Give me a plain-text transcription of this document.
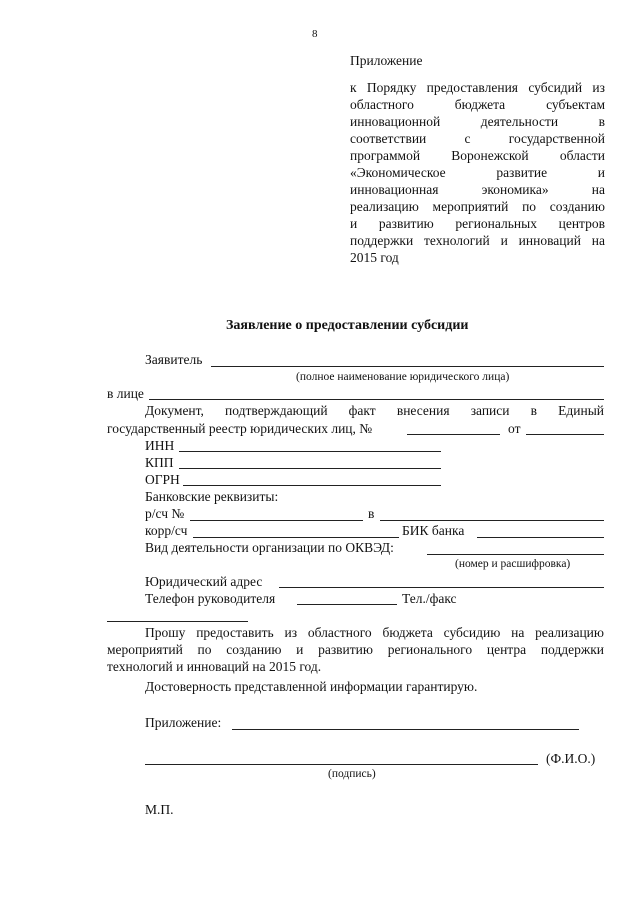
8
Приложение
к Порядку предоставления субсидий из
областного бюджета субъектам
инновационной деятельности в
соответствии с государственной
программой Воронежской области
«Экономическое развитие и
инновационная экономика» на
реализацию мероприятий по созданию
и развитию региональных центров
поддержки технологий и инноваций на
2015 год
Заявление о предоставлении субсидии
Заявитель
(полное наименование юридического лица)
в лице
Документ, подтверждающий факт внесения записи в Единый
государственный реестр юридических лиц, №	от
ИНН
КПП
ОГРН
Банковские реквизиты:
р/сч №	в
корр/сч	БИК банка
Вид деятельности организации по ОКВЭД:
(номер и расшифровка)
Юридический адрес
Телефон руководителя	Тел./факс
Прошу предоставить из областного бюджета субсидию на реализацию
мероприятий по созданию и развитию регионального центра поддержки
технологий и инноваций на 2015 год.
Достоверность представленной информации гарантирую.
Приложение:
(Ф.И.О.)
(подпись)
М.П.
